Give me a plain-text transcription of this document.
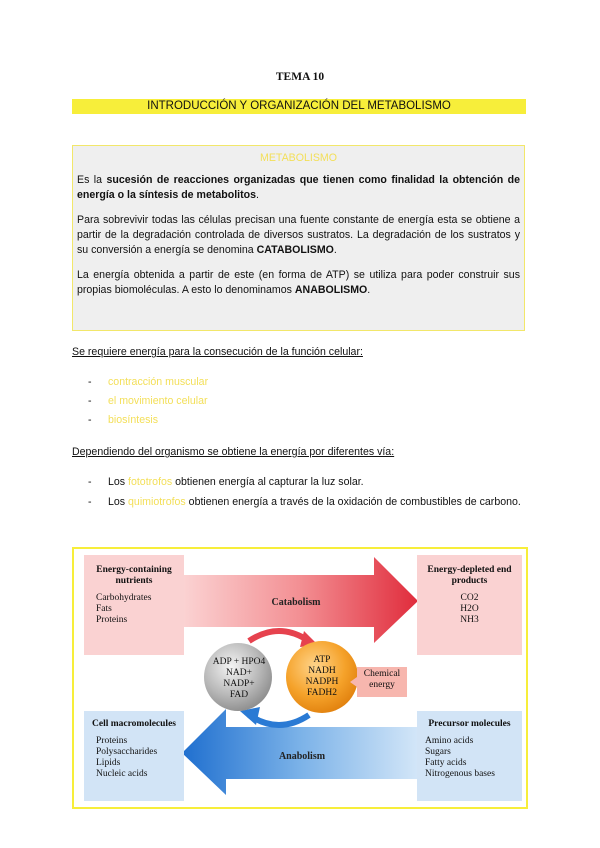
TEMA 10
INTRODUCCIÓN Y ORGANIZACIÓN DEL METABOLISMO
METABOLISMO

Es la sucesión de reacciones organizadas que tienen como finalidad la obtención de energía o la síntesis de metabolitos.

Para sobrevivir todas las células precisan una fuente constante de energía esta se obtiene a partir de la degradación controlada de diversos sustratos. La degradación de los sustratos y su conversión a energía se denomina CATABOLISMO.

La energía obtenida a partir de este (en forma de ATP) se utiliza para poder construir sus propias biomoléculas. A esto lo denominamos ANABOLISMO.

Se requiere energía para la consecución de la función celular:
-	contracción muscular
-	el movimiento celular
-	biosíntesis
Dependiendo del organismo se obtiene la energía por diferentes vía:
-	Los fototrofos obtienen energía al capturar la luz solar.
-	Los quimiotrofos obtienen energía a través de la oxidación de combustibles de carbono.
Catabolism
Anabolism
Energy-containing nutrients
Carbohydrates
Fats
Proteins
Energy-depleted end products
CO2
H2O
NH3
Cell macromolecules
Proteins
Polysaccharides
Lipids
Nucleic acids
Precursor molecules
Amino acids
Sugars
Fatty acids
Nitrogenous bases
ADP + HPO4
NAD+
NADP+
FAD
ATP
NADH
NADPH
FADH2
Chemical energy
